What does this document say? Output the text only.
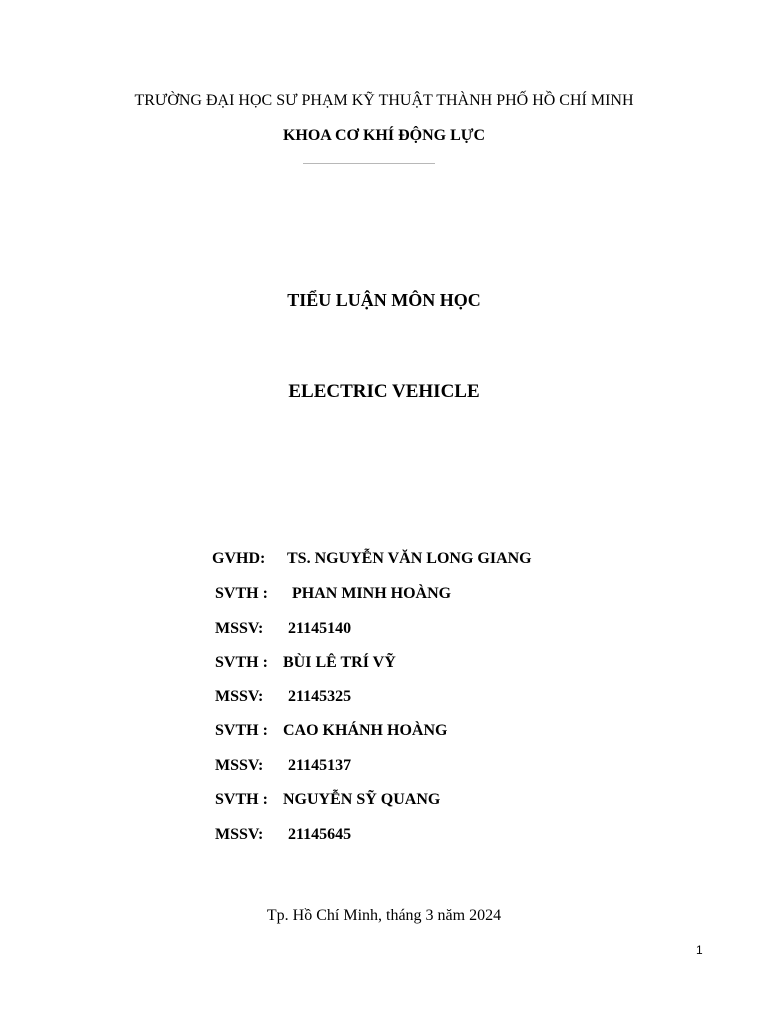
TRƯỜNG ĐẠI HỌC SƯ PHẠM KỸ THUẬT THÀNH PHỐ HỒ CHÍ MINH
KHOA CƠ KHÍ ĐỘNG LỰC
TIỂU LUẬN MÔN HỌC
ELECTRIC VEHICLE

GVHD:

TS. NGUYỄN VĂN LONG GIANG

SVTH :

PHAN MINH HOÀNG

MSSV:

21145140

SVTH :

BÙI LÊ TRÍ VỸ

MSSV:

21145325

SVTH :

CAO KHÁNH HOÀNG

MSSV:

21145137

SVTH :

NGUYỄN SỸ QUANG

MSSV:

21145645

Tp. Hồ Chí Minh, tháng 3 năm 2024
1
